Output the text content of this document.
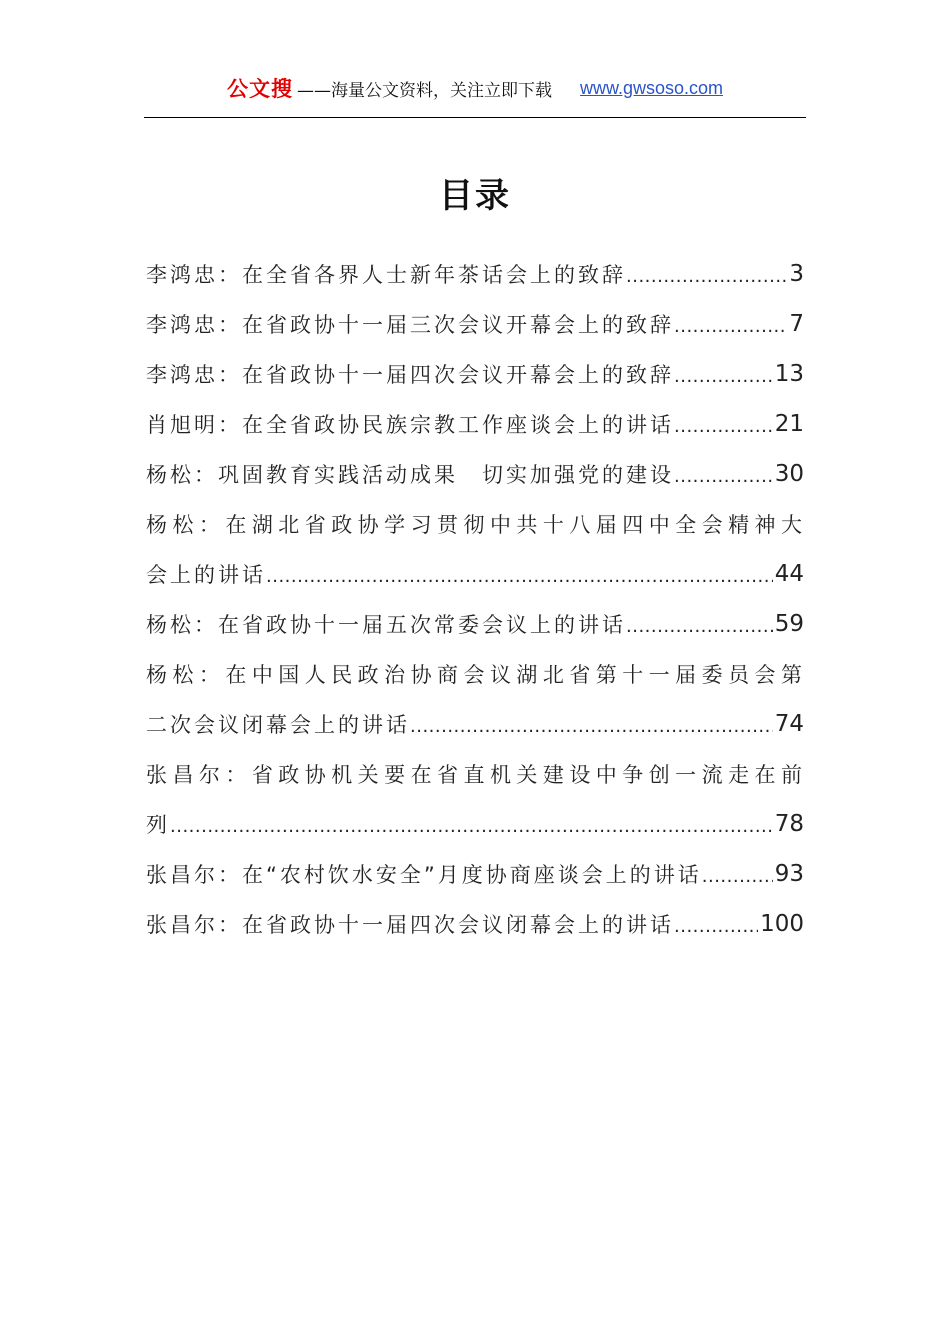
公文搜 ——海量公文资料，关注立即下载 www.gwsoso.com
目录
李鸿忠：在全省各界人士新年茶话会上的致辞 .....	3
李鸿忠：在省政协十一届三次会议开幕会上的致辞 .....	7
李鸿忠：在省政协十一届四次会议开幕会上的致辞 .....	13
肖旭明：在全省政协民族宗教工作座谈会上的讲话 .....	21
杨松：巩固教育实践活动成果　切实加强党的建设 .....	30
杨松：在湖北省政协学习贯彻中共十八届四中全会精神大
会上的讲话 .....	44
杨松：在省政协十一届五次常委会议上的讲话 .....	59
杨松：在中国人民政治协商会议湖北省第十一届委员会第
二次会议闭幕会上的讲话 .....	74
张昌尔：省政协机关要在省直机关建设中争创一流走在前
列 .....	78
张昌尔：在“农村饮水安全”月度协商座谈会上的讲话 .....	93
张昌尔：在省政协十一届四次会议闭幕会上的讲话 .....	100
